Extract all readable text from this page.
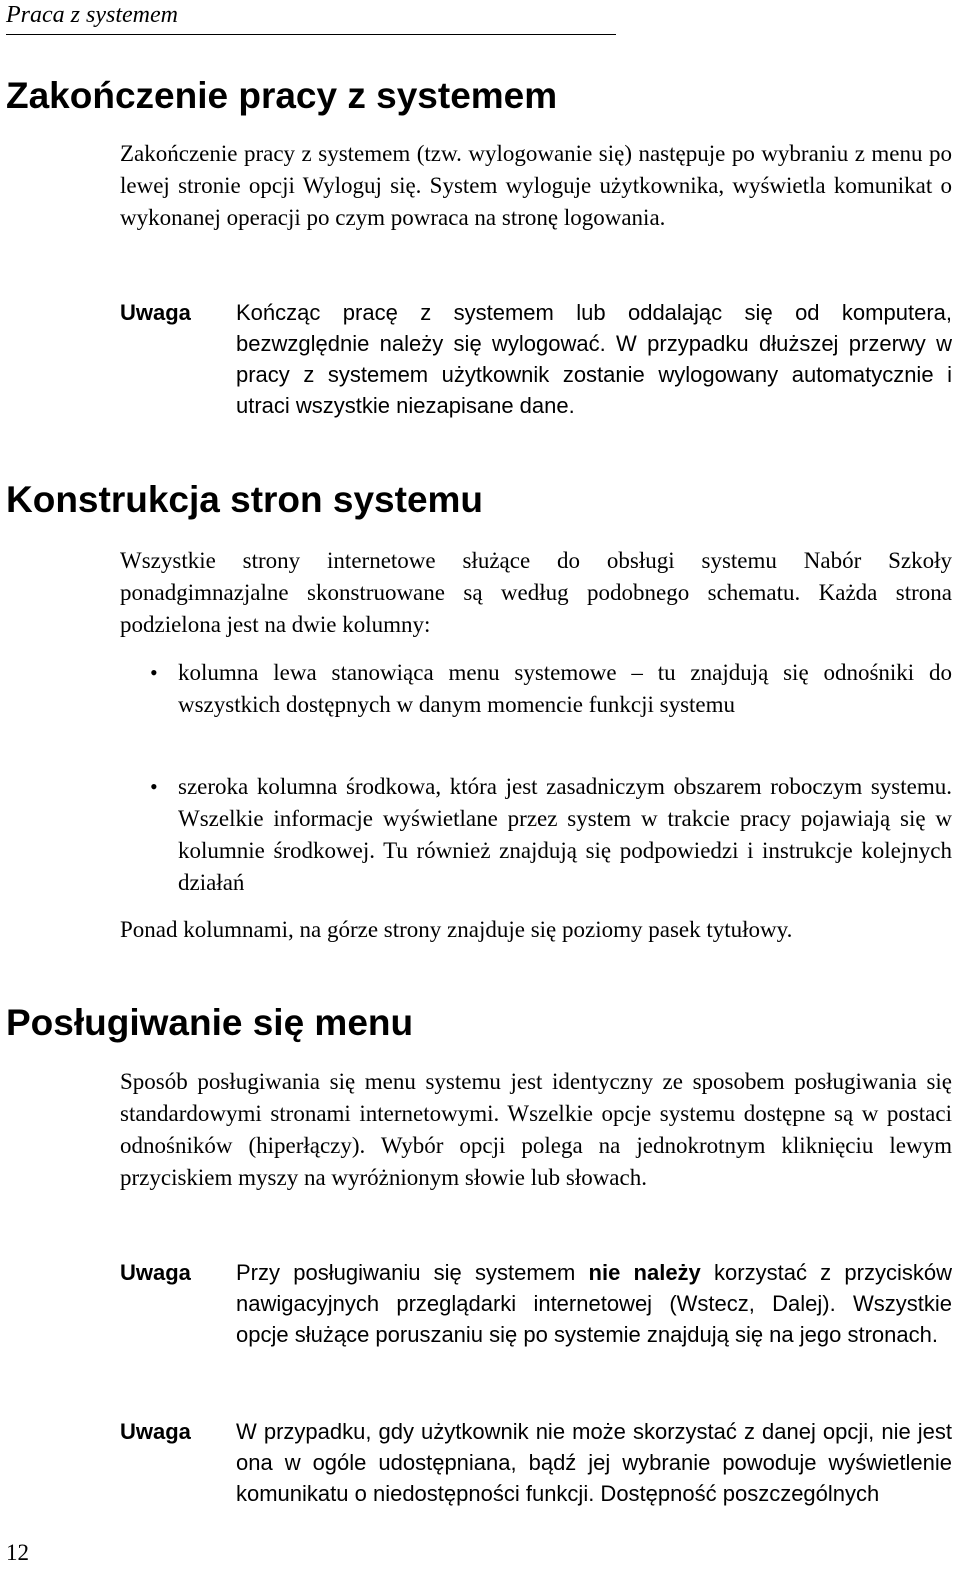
Praca z systemem
Zakończenie pracy z systemem

Zakończenie pracy z systemem (tzw. wylogowanie się) następuje po wybraniu z menu po lewej stronie opcji Wyloguj się. System wyloguje użytkownika, wyświetla komunikat o wykonanej operacji po czym powraca na stronę logowania.

Uwaga Kończąc pracę z systemem lub oddalając się od komputera, bezwzględnie należy się wylogować. W przypadku dłuższej przerwy w pracy z systemem użytkownik zostanie wylogowany automatycznie i utraci wszystkie niezapisane dane.

Konstrukcja stron systemu

Wszystkie strony internetowe służące do obsługi systemu Nabór Szkoły ponadgimnazjalne skonstruowane są według podobnego schematu. Każda strona podzielona jest na dwie kolumny:

• kolumna lewa stanowiąca menu systemowe – tu znajdują się odnośniki do wszystkich dostępnych w danym momencie funkcji systemu

• szeroka kolumna środkowa, która jest zasadniczym obszarem roboczym systemu. Wszelkie informacje wyświetlane przez system w trakcie pracy pojawiają się w kolumnie środkowej. Tu również znajdują się podpowiedzi i instrukcje kolejnych działań

Ponad kolumnami, na górze strony znajduje się poziomy pasek tytułowy.

Posługiwanie się menu

Sposób posługiwania się menu systemu jest identyczny ze sposobem posługiwania się standardowymi stronami internetowymi. Wszelkie opcje systemu dostępne są w postaci odnośników (hiperłączy). Wybór opcji polega na jednokrotnym kliknięciu lewym przyciskiem myszy na wyróżnionym słowie lub słowach.

Uwaga Przy posługiwaniu się systemem nie należy korzystać z przycisków nawigacyjnych przeglądarki internetowej (Wstecz, Dalej). Wszystkie opcje służące poruszaniu się po systemie znajdują się na jego stronach.

Uwaga W przypadku, gdy użytkownik nie może skorzystać z danej opcji, nie jest ona w ogóle udostępniana, bądź jej wybranie powoduje wyświetlenie komunikatu o niedostępności funkcji. Dostępność poszczególnych

12
